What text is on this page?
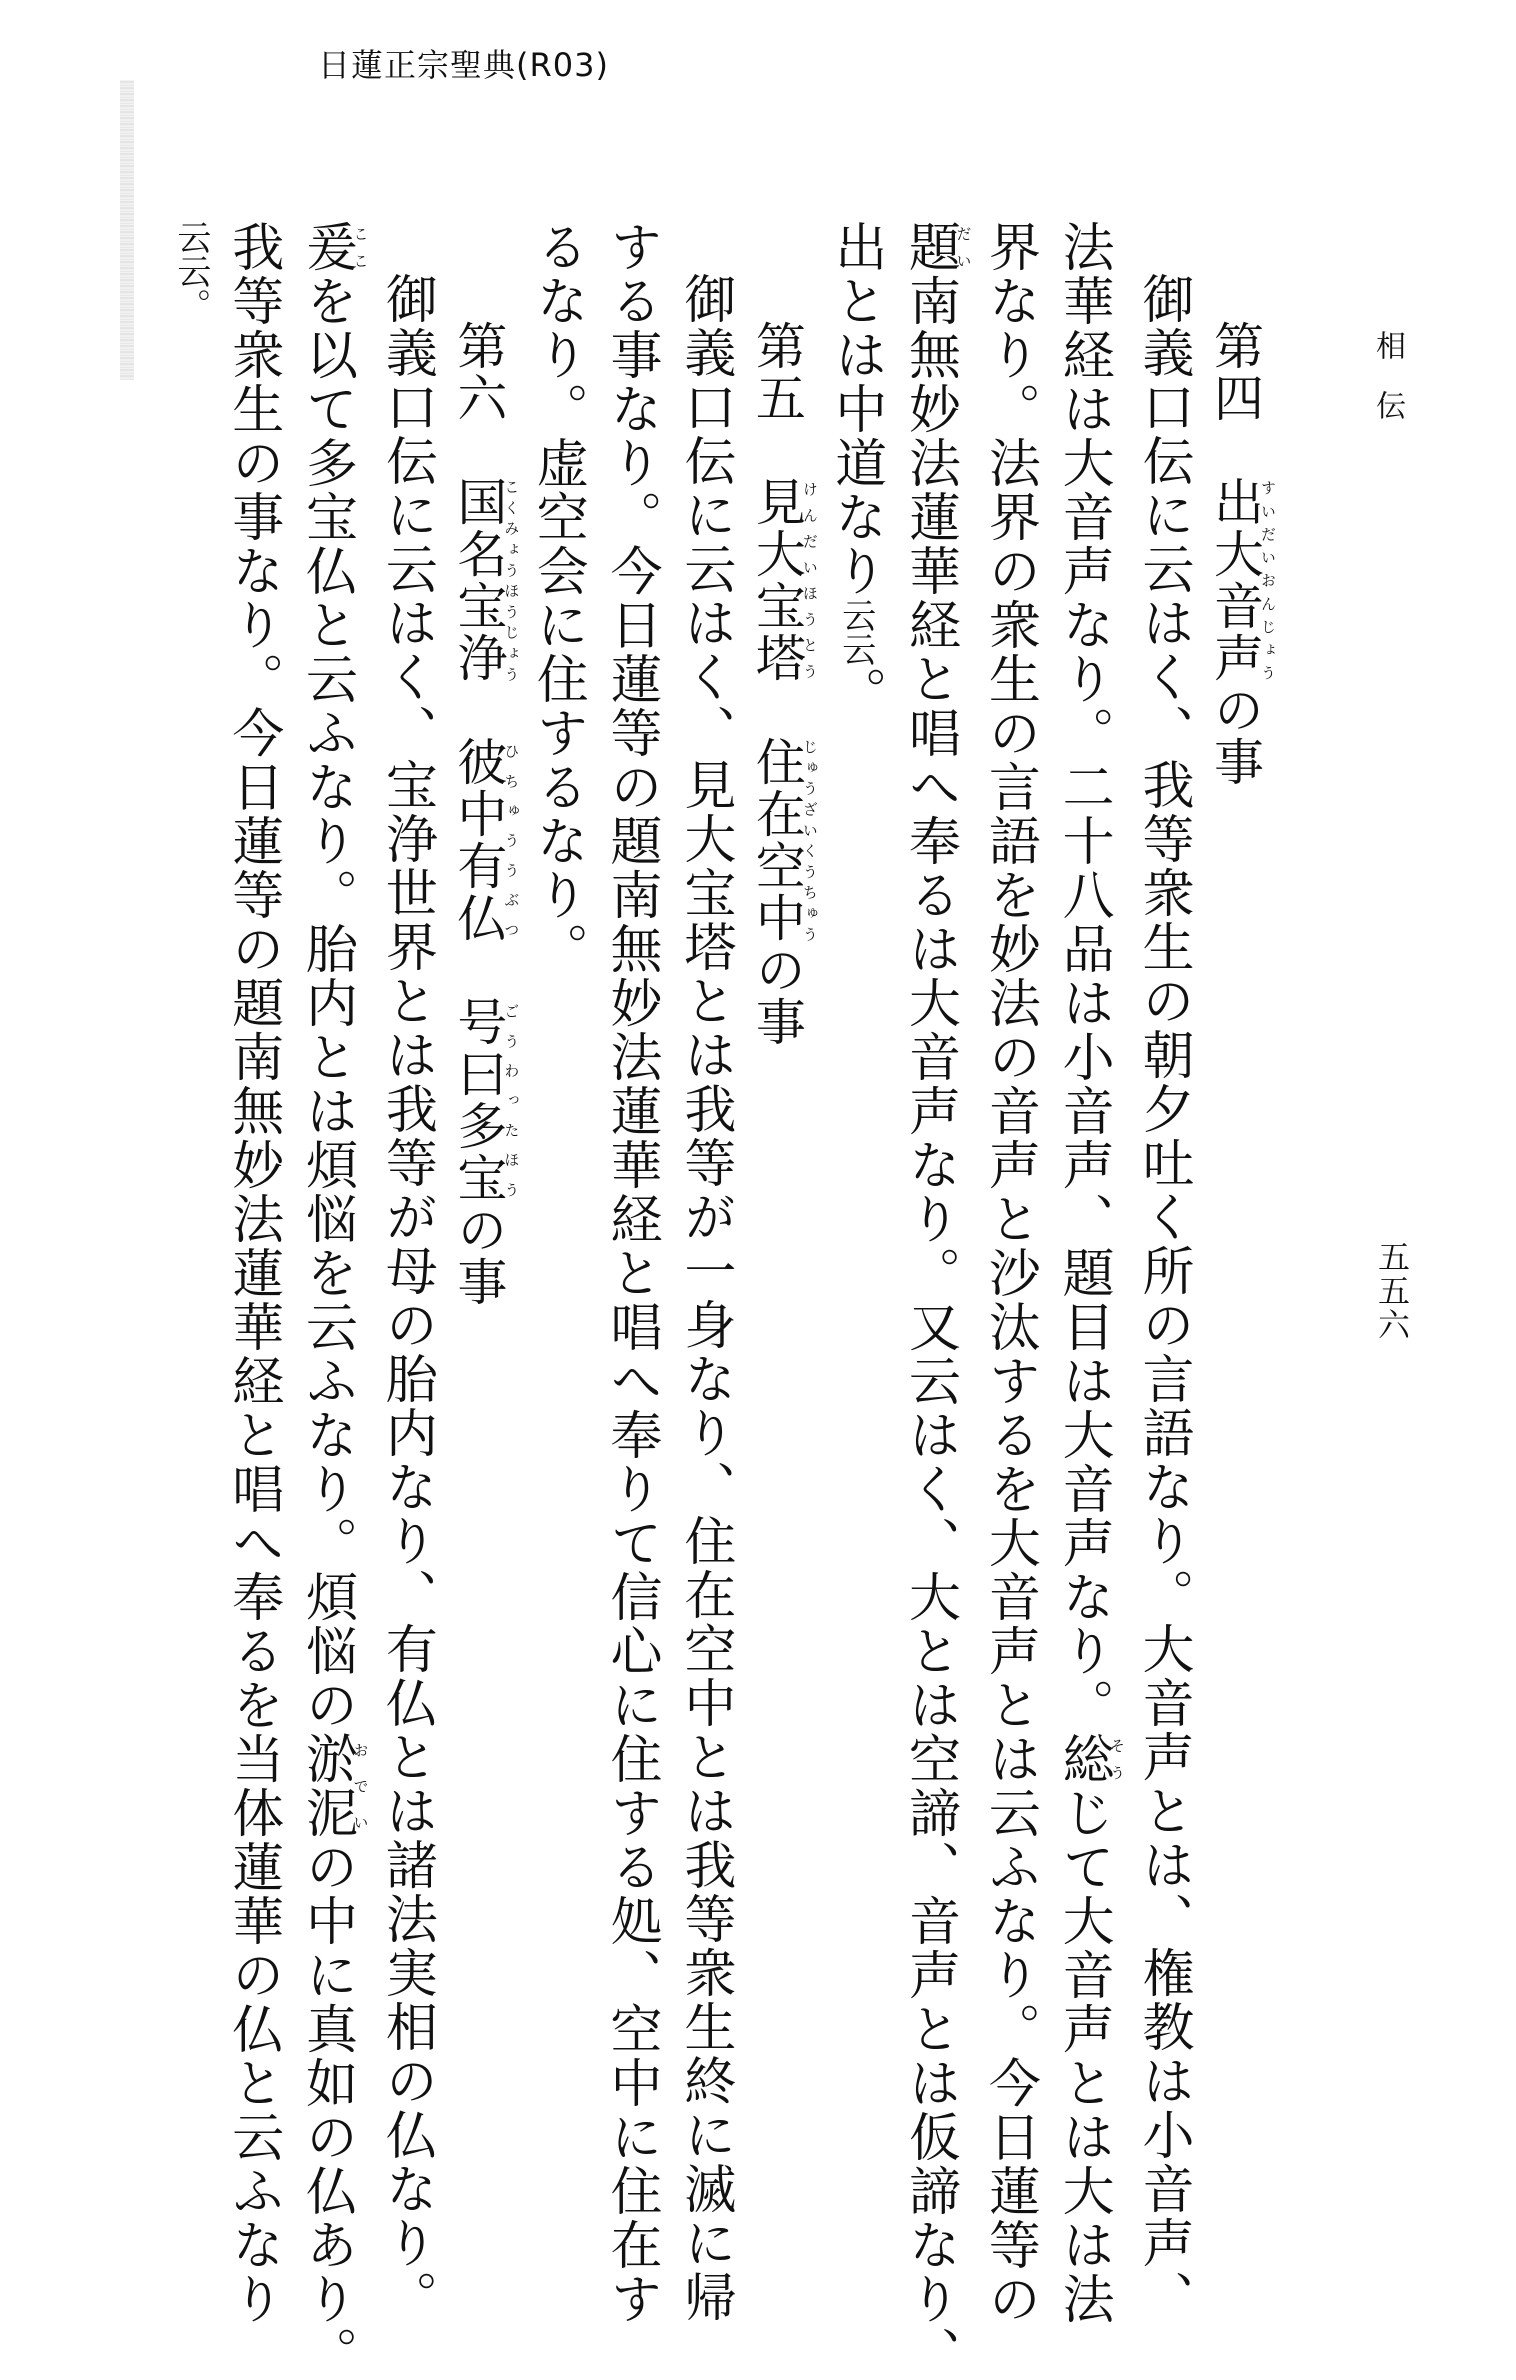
日蓮正宗聖典(R03)
相伝
五五六
第四　出大音声すいだいおんじょうの事
御義口伝に云はく、我等衆生の朝夕吐く所の言語なり。大音声とは、権教は小音声、
法華経は大音声なり。二十八品は小音声、題目は大音声なり。総そうじて大音声とは大は法
界なり。法界の衆生の言語を妙法の音声と沙汰するを大音声とは云ふなり。今日蓮等の
題だい南無妙法蓮華経と唱へ奉るは大音声なり。又云はく、大とは空諦、音声とは仮諦なり、
出とは中道なり云云。
第五　見大宝塔けんだいほうとう　住在空中じゅうざいくうちゅうの事
御義口伝に云はく、見大宝塔とは我等が一身なり、住在空中とは我等衆生終に滅に帰
する事なり。今日蓮等の題南無妙法蓮華経と唱へ奉りて信心に住する処、空中に住在す
るなり。虚空会に住するなり。
第六　国名宝浄こくみょうほうじょう　彼中有仏ひちゅううぶつ　号曰多宝ごうわったほうの事
御義口伝に云はく、宝浄世界とは我等が母の胎内なり、有仏とは諸法実相の仏なり。
爰ここを以て多宝仏と云ふなり。胎内とは煩悩を云ふなり。煩悩の淤泥おでいの中に真如の仏あり。
我等衆生の事なり。今日蓮等の題南無妙法蓮華経と唱へ奉るを当体蓮華の仏と云ふなり
云云。
